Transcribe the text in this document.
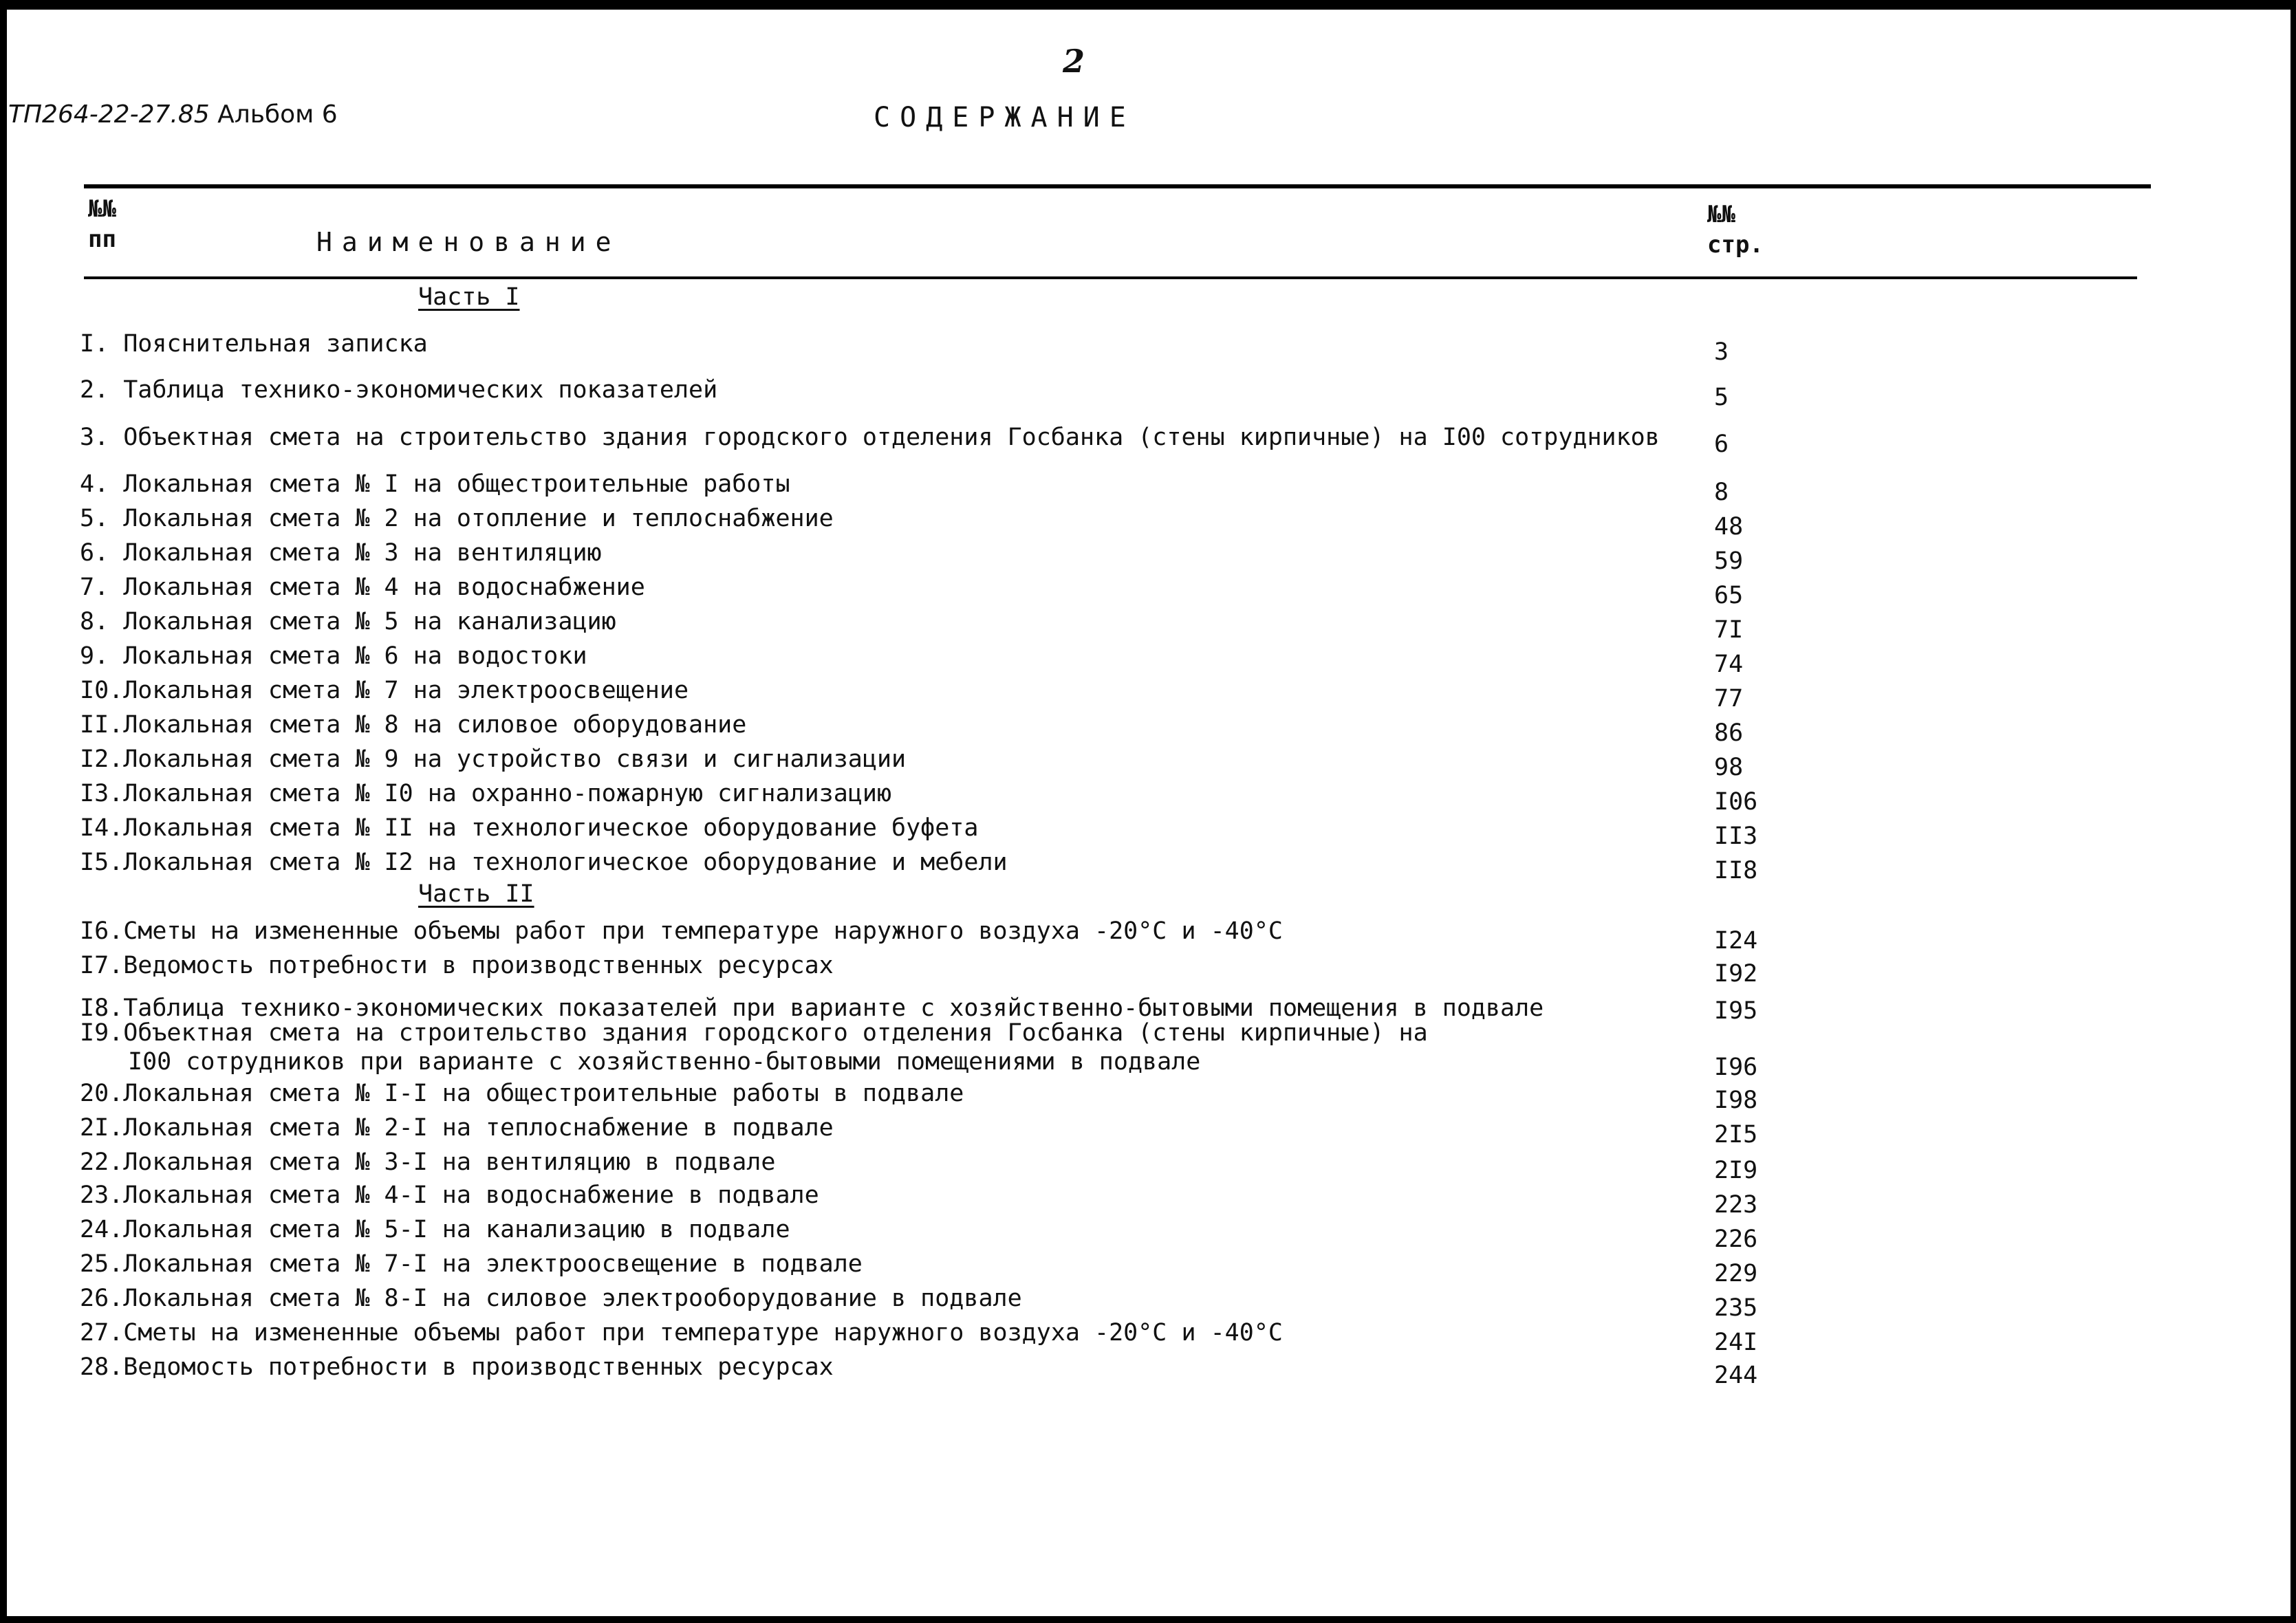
2
ТП264-22-27.85 Альбом 6	СОДЕРЖАНИЕ
№№
пп	Наименование
№№
стр.
Часть I
Часть II
I. Пояснительная записка	3
2. Таблица технико-экономических показателей	5
3. Объектная смета на строительство здания городского отделения Госбанка (стены кирпичные) на I00 сотрудников 6
4. Локальная смета № I на общестроительные работы	8
5. Локальная смета № 2 на отопление и теплоснабжение	48
6. Локальная смета № 3 на вентиляцию	59
7. Локальная смета № 4 на водоснабжение	65
8. Локальная смета № 5 на канализацию	7I
9. Локальная смета № 6 на водостоки	74
I0.Локальная смета № 7 на электроосвещение	77
II.Локальная смета № 8 на силовое оборудование	86
I2.Локальная смета № 9 на устройство связи и сигнализации	98
I3.Локальная смета № I0 на охранно-пожарную сигнализацию	I06
I4.Локальная смета № II на технологическое оборудование буфета	II3
I5.Локальная смета № I2 на технологическое оборудование и мебели	II8
I6.Сметы на измененные объемы работ при температуре наружного воздуха -20°С и -40°С	I24
I7.Ведомость потребности в производственных ресурсах	I92
I8.Таблица технико-экономических показателей при варианте с хозяйственно-бытовыми помещения в подвале	I95
I9.Объектная смета на строительство здания городского отделения Госбанка (стены кирпичные) на
I00 сотрудников при варианте с хозяйственно-бытовыми помещениями в подвале	I96
20.Локальная смета № I-I на общестроительные работы в подвале	I98
2I.Локальная смета № 2-I на теплоснабжение в подвале	2I5
22.Локальная смета № 3-I на вентиляцию в подвале	2I9
23.Локальная смета № 4-I на водоснабжение в подвале	223
24.Локальная смета № 5-I на канализацию в подвале	226
25.Локальная смета № 7-I на электроосвещение в подвале	229
26.Локальная смета № 8-I на силовое электрооборудование в подвале	235
27.Сметы на измененные объемы работ при температуре наружного воздуха -20°С и -40°С	24I
28.Ведомость потребности в производственных ресурсах	244
